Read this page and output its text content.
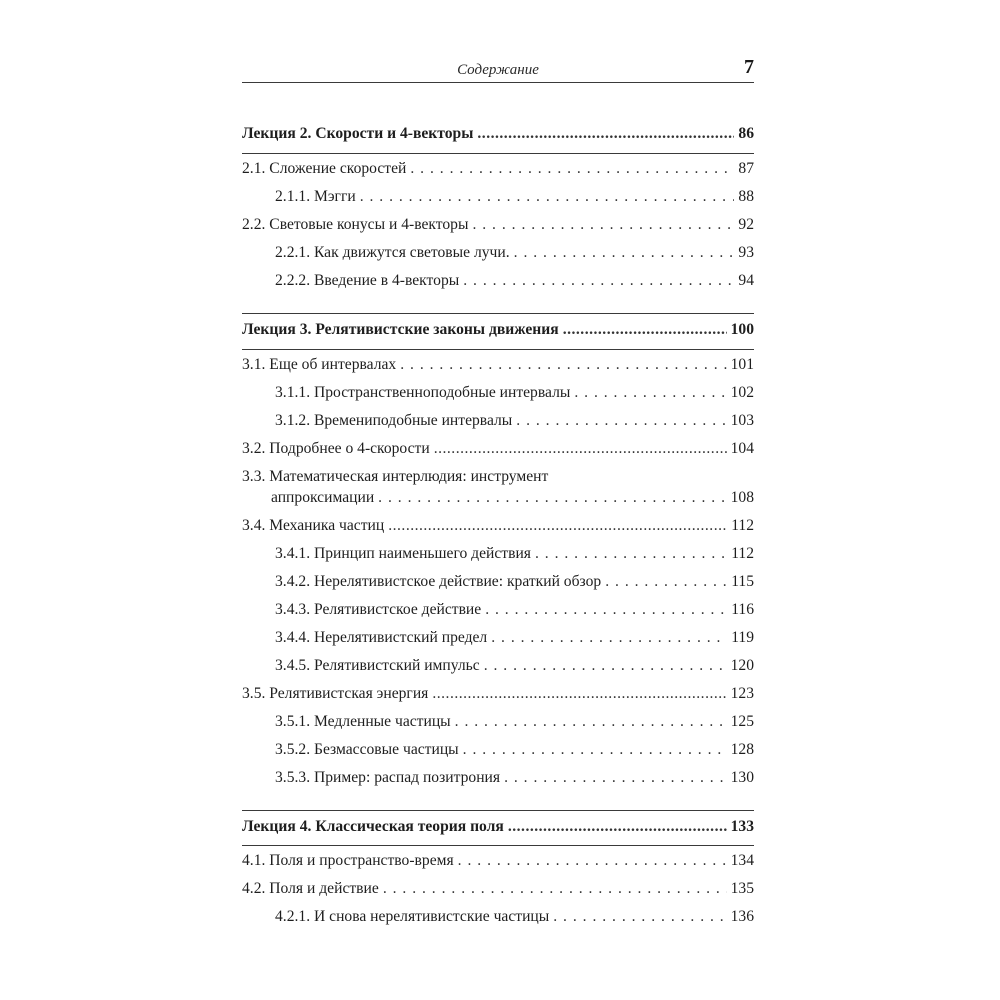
Содержание	7
Лекция 2. Скорости и 4-векторы .....	86
2.1. Сложение скоростей . . .	87
2.1.1. Мэгги . . .	88
2.2. Световые конусы и 4-векторы . . .	92
2.2.1. Как движутся световые лучи. . . .	93
2.2.2. Введение в 4-векторы . . .	94
Лекция 3. Релятивистские законы движения .....	100
3.1. Еще об интервалах . . .	101
3.1.1. Пространственноподобные интервалы . . .	102
3.1.2. Времениподобные интервалы . . .	103
3.2. Подробнее о 4-скорости .....	104
3.3. Математическая интерлюдия: инструмент
аппроксимации . . .	108
3.4. Механика частиц .....	112
3.4.1. Принцип наименьшего действия . . .	112
3.4.2. Нерелятивистское действие: краткий обзор . . .	115
3.4.3. Релятивистское действие . . .	116
3.4.4. Нерелятивистский предел . . .	119
3.4.5. Релятивистский импульс . . .	120
3.5. Релятивистская энергия .....	123
3.5.1. Медленные частицы . . .	125
3.5.2. Безмассовые частицы . . .	128
3.5.3. Пример: распад позитрония . . .	130
Лекция 4. Классическая теория поля .....	133
4.1. Поля и пространство-время . . .	134
4.2. Поля и действие . . .	135
4.2.1. И снова нерелятивистские частицы . . .	136
